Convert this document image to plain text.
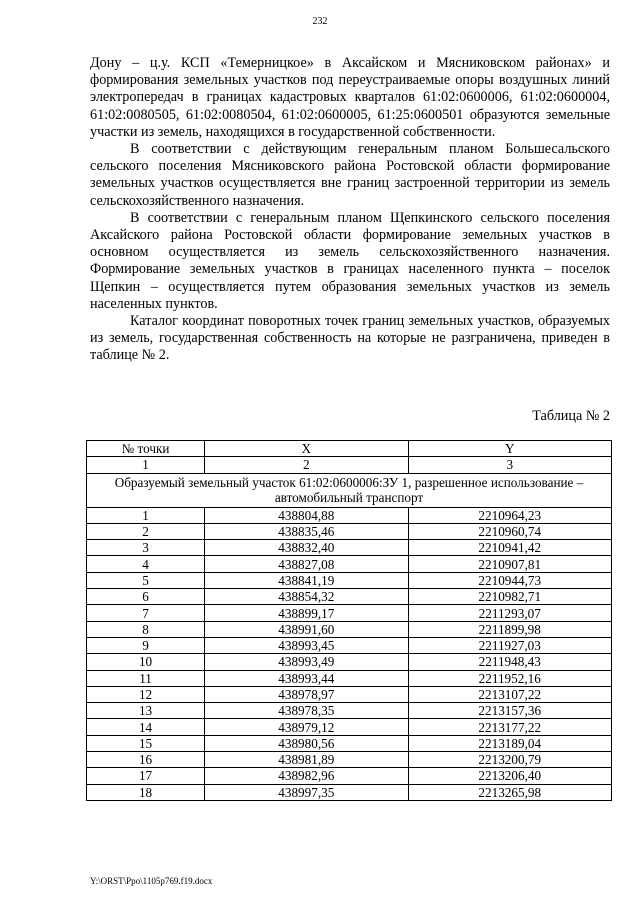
232

Дону – ц.у. КСП «Темерницкое» в Аксайском и Мясниковском районах» и формирования земельных участков под переустраиваемые опоры воздушных линий электропередач в границах кадастровых кварталов 61:02:0600006, 61:02:0600004, 61:02:0080505, 61:02:0080504, 61:02:0600005, 61:25:0600501 образуются земельные участки из земель, находящихся в государственной собственности.

В соответствии с действующим генеральным планом Большесальского сельского поселения Мясниковского района Ростовской области формирование земельных участков осуществляется вне границ застроенной территории из земель сельскохозяйственного назначения.

В соответствии с генеральным планом Щепкинского сельского поселения Аксайского района Ростовской области формирование земельных участков в основном осуществляется из земель сельскохозяйственного назначения. Формирование земельных участков в границах населенного пункта – поселок Щепкин – осуществляется путем образования земельных участков из земель населенных пунктов.

Каталог координат поворотных точек границ земельных участков, образуемых из земель, государственная собственность на которые не разграничена, приведен в таблице № 2.

Таблица № 2
№ точки	X	Y
1	2	3
Образуемый земельный участок 61:02:0600006:ЗУ 1, разрешенное использование – автомобильный транспорт		
1	438804,88	2210964,23
2	438835,46	2210960,74
3	438832,40	2210941,42
4	438827,08	2210907,81
5	438841,19	2210944,73
6	438854,32	2210982,71
7	438899,17	2211293,07
8	438991,60	2211899,98
9	438993,45	2211927,03
10	438993,49	2211948,43
11	438993,44	2211952,16
12	438978,97	2213107,22
13	438978,35	2213157,36
14	438979,12	2213177,22
15	438980,56	2213189,04
16	438981,89	2213200,79
17	438982,96	2213206,40
18	438997,35	2213265,98
Y:\ORST\Ppo\1105p769.f19.docx
